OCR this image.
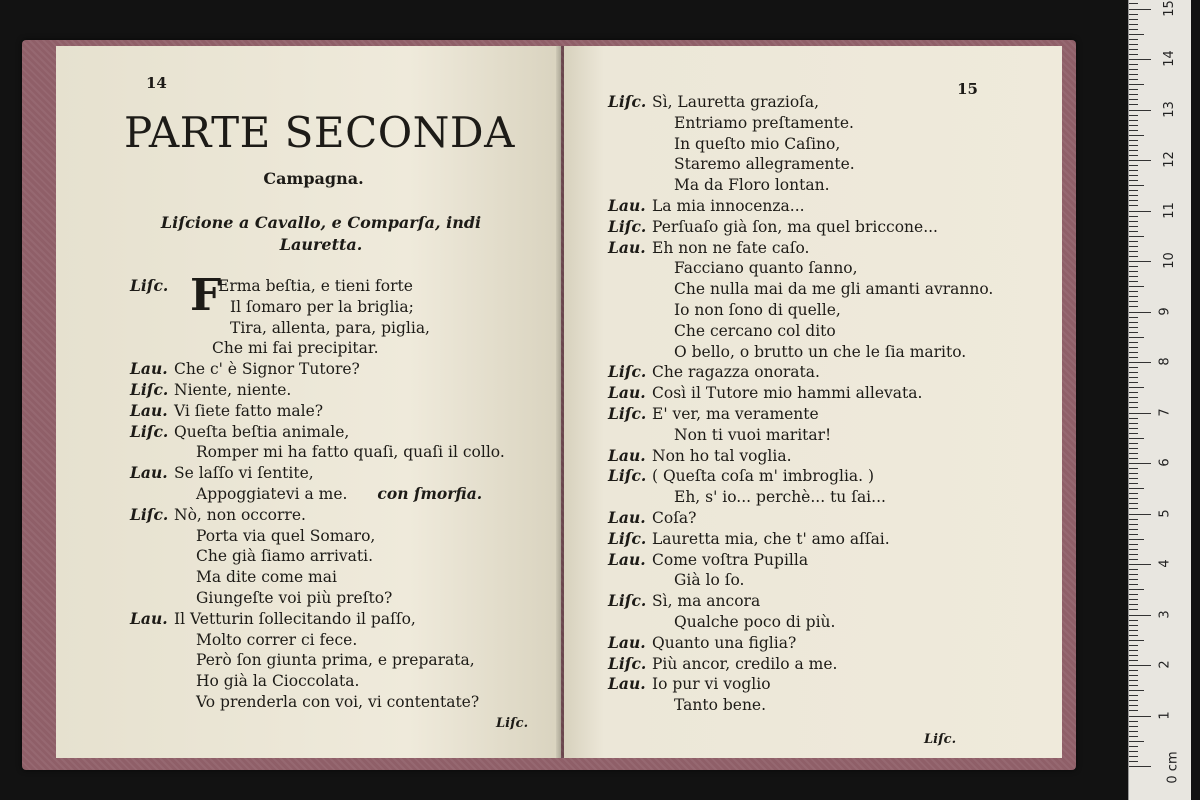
14
PARTE SECONDA
Campagna.
Liſcione a Cavallo, e Comparſa, indi
Lauretta.
Liſc.	Erma beſtia, e tieni forte
F Il ſomaro per la briglia;
Tira, allenta, para, piglia,
Che mi fai precipitar.
Lau. Che c' è Signor Tutore?
Liſc. Niente, niente.
Lau. Vi ſiete fatto male?
Liſc. Queſta beſtia animale,
Romper mi ha fatto quaſi, quaſi il collo.
Lau. Se laſſo vi ſentite,
Appoggiatevi a me. con ſmorfia.
Liſc. Nò, non occorre.
Porta via quel Somaro,
Che già ſiamo arrivati.
Ma dite come mai
Giungeſte voi più preſto?
Lau. Il Vetturin ſollecitando il paſſo,
Molto correr ci fece.
Però ſon giunta prima, e preparata,
Ho già la Cioccolata.
Vo prenderla con voi, vi contentate?
Liſc.
15
Liſc. Sì, Lauretta grazioſa,
Entriamo preſtamente.
In queſto mio Caſino,
Staremo allegramente.
Ma da Floro lontan.
Lau. La mia innocenza...
Liſc. Perſuaſo già ſon, ma quel briccone...
Lau. Eh non ne fate caſo.
Facciano quanto ſanno,
Che nulla mai da me gli amanti avranno.
Io non ſono di quelle,
Che cercano col dito
O bello, o brutto un che le ſia marito.
Liſc. Che ragazza onorata.
Lau. Così il Tutore mio hammi allevata.
Liſc. E' ver, ma veramente
Non ti vuoi maritar!
Lau. Non ho tal voglia.
Liſc. ( Queſta coſa m' imbroglia. )
Eh, s' io... perchè... tu ſai...
Lau. Coſa?
Liſc. Lauretta mia, che t' amo aſſai.
Lau. Come voſtra Pupilla
Già lo ſo.
Liſc. Sì, ma ancora
Qualche poco di più.
Lau. Quanto una figlia?
Liſc. Più ancor, credilo a me.
Lau. Io pur vi voglio
Tanto bene.
Liſc.
0 cm
1
2
3
4
5
6
7
8
9
10
11
12
13
14
15
